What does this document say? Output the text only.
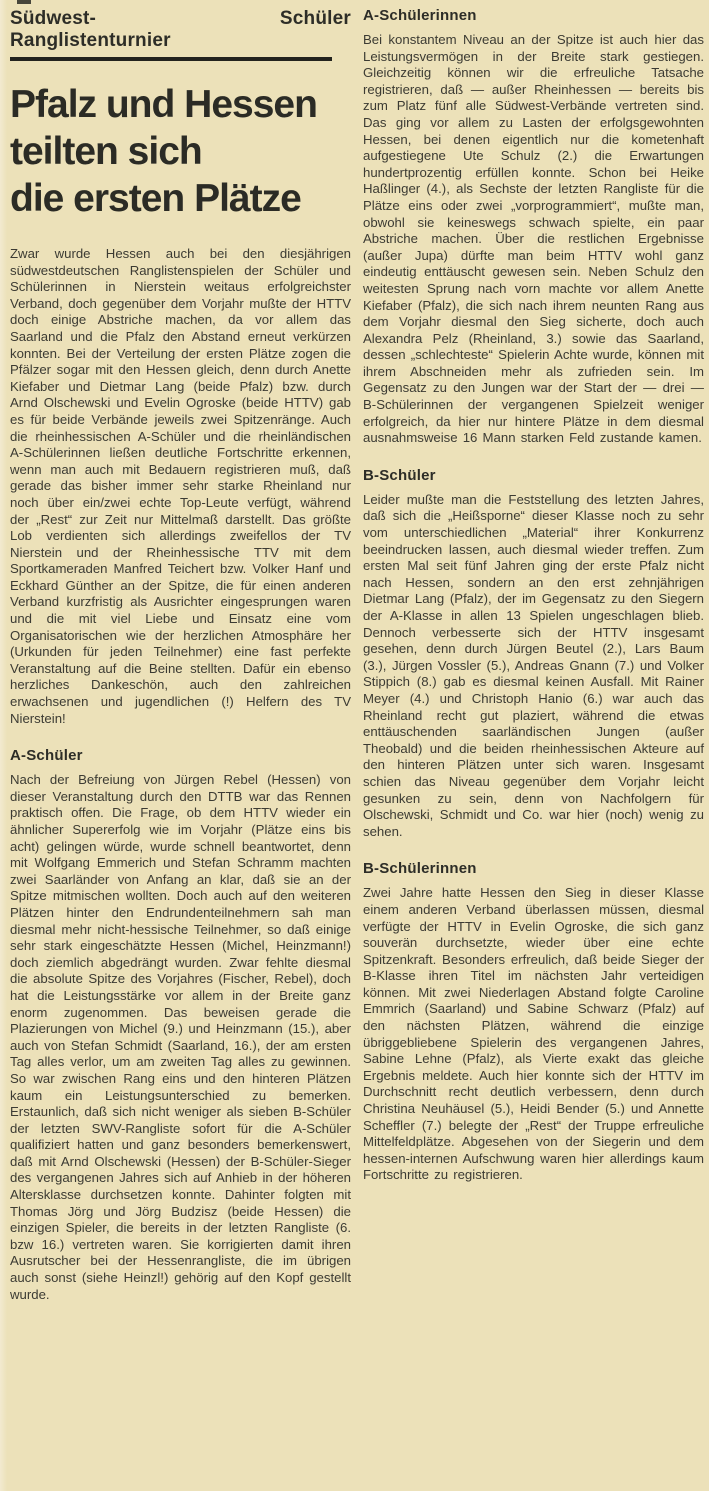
Südwest-Ranglistenturnier
Schüler
Pfalz und Hessen
teilten sich
die ersten Plätze

Zwar wurde Hessen auch bei den diesjährigen südwestdeutschen Ranglistenspielen der Schüler und Schülerinnen in Nierstein weitaus erfolgreichster Verband, doch gegenüber dem Vorjahr mußte der HTTV doch einige Abstriche machen, da vor allem das Saarland und die Pfalz den Abstand erneut verkürzen konnten. Bei der Verteilung der ersten Plätze zogen die Pfälzer sogar mit den Hessen gleich, denn durch Anette Kiefaber und Dietmar Lang (beide Pfalz) bzw. durch Arnd Olschewski und Evelin Ogroske (beide HTTV) gab es für beide Verbände jeweils zwei Spitzenränge. Auch die rheinhessischen A-Schüler und die rheinländischen A-Schülerinnen ließen deutliche Fortschritte erkennen, wenn man auch mit Bedauern registrieren muß, daß gerade das bisher immer sehr starke Rheinland nur noch über ein/zwei echte Top-Leute verfügt, während der „Rest“ zur Zeit nur Mittelmaß darstellt. Das größte Lob verdienten sich allerdings zweifellos der TV Nierstein und der Rheinhessische TTV mit dem Sportkameraden Manfred Teichert bzw. Volker Hanf und Eckhard Günther an der Spitze, die für einen anderen Verband kurzfristig als Ausrichter eingesprungen waren und die mit viel Liebe und Einsatz eine vom Organisatorischen wie der herzlichen Atmosphäre her (Urkunden für jeden Teilnehmer) eine fast perfekte Veranstaltung auf die Beine stellten. Dafür ein ebenso herzliches Dankeschön, auch den zahlreichen erwachsenen und jugendlichen (!) Helfern des TV Nierstein!

A-Schüler

Nach der Befreiung von Jürgen Rebel (Hessen) von dieser Veranstaltung durch den DTTB war das Rennen praktisch offen. Die Frage, ob dem HTTV wieder ein ähnlicher Supererfolg wie im Vorjahr (Plätze eins bis acht) gelingen würde, wurde schnell beantwortet, denn mit Wolfgang Emmerich und Stefan Schramm machten zwei Saarländer von Anfang an klar, daß sie an der Spitze mitmischen wollten. Doch auch auf den weiteren Plätzen hinter den Endrundenteilnehmern sah man diesmal mehr nicht-hessische Teilnehmer, so daß einige sehr stark eingeschätzte Hessen (Michel, Heinzmann!) doch ziemlich abgedrängt wurden. Zwar fehlte diesmal die absolute Spitze des Vorjahres (Fischer, Rebel), doch hat die Leistungsstärke vor allem in der Breite ganz enorm zugenommen. Das beweisen gerade die Plazierungen von Michel (9.) und Heinzmann (15.), aber auch von Stefan Schmidt (Saarland, 16.), der am ersten Tag alles verlor, um am zweiten Tag alles zu gewinnen. So war zwischen Rang eins und den hinteren Plätzen kaum ein Leistungsunterschied zu bemerken. Erstaunlich, daß sich nicht weniger als sieben B-Schüler der letzten SWV-Rangliste sofort für die A-Schüler qualifiziert hatten und ganz besonders bemerkenswert, daß mit Arnd Olschewski (Hessen) der B-Schüler-Sieger des vergangenen Jahres sich auf Anhieb in der höheren Altersklasse durchsetzen konnte. Dahinter folgten mit Thomas Jörg und Jörg Budzisz (beide Hessen) die einzigen Spieler, die bereits in der letzten Rangliste (6. bzw 16.) vertreten waren. Sie korrigierten damit ihren Ausrutscher bei der Hessenrangliste, die im übrigen auch sonst (siehe Heinzl!) gehörig auf den Kopf gestellt wurde.

A-Schülerinnen

Bei konstantem Niveau an der Spitze ist auch hier das Leistungsvermögen in der Breite stark gestiegen. Gleichzeitig können wir die erfreuliche Tatsache registrieren, daß — außer Rheinhessen — bereits bis zum Platz fünf alle Südwest-Verbände vertreten sind. Das ging vor allem zu Lasten der erfolgsgewohnten Hessen, bei denen eigentlich nur die kometenhaft aufgestiegene Ute Schulz (2.) die Erwartungen hundertprozentig erfüllen konnte. Schon bei Heike Haßlinger (4.), als Sechste der letzten Rangliste für die Plätze eins oder zwei „vorprogrammiert“, mußte man, obwohl sie keineswegs schwach spielte, ein paar Abstriche machen. Über die restlichen Ergebnisse (außer Jupa) dürfte man beim HTTV wohl ganz eindeutig enttäuscht gewesen sein. Neben Schulz den weitesten Sprung nach vorn machte vor allem Anette Kiefaber (Pfalz), die sich nach ihrem neunten Rang aus dem Vorjahr diesmal den Sieg sicherte, doch auch Alexandra Pelz (Rheinland, 3.) sowie das Saarland, dessen „schlechteste“ Spielerin Achte wurde, können mit ihrem Abschneiden mehr als zufrieden sein. Im Gegensatz zu den Jungen war der Start der — drei — B-Schülerinnen der vergangenen Spielzeit weniger erfolgreich, da hier nur hintere Plätze in dem diesmal ausnahmsweise 16 Mann starken Feld zustande kamen.

B-Schüler

Leider mußte man die Feststellung des letzten Jahres, daß sich die „Heißsporne“ dieser Klasse noch zu sehr vom unterschiedlichen „Material“ ihrer Konkurrenz beeindrucken lassen, auch diesmal wieder treffen. Zum ersten Mal seit fünf Jahren ging der erste Pfalz nicht nach Hessen, sondern an den erst zehnjährigen Dietmar Lang (Pfalz), der im Gegensatz zu den Siegern der A-Klasse in allen 13 Spielen ungeschlagen blieb. Dennoch verbesserte sich der HTTV insgesamt gesehen, denn durch Jürgen Beutel (2.), Lars Baum (3.), Jürgen Vossler (5.), Andreas Gnann (7.) und Volker Stippich (8.) gab es diesmal keinen Ausfall. Mit Rainer Meyer (4.) und Christoph Hanio (6.) war auch das Rheinland recht gut plaziert, während die etwas enttäuschenden saarländischen Jungen (außer Theobald) und die beiden rheinhessischen Akteure auf den hinteren Plätzen unter sich waren. Insgesamt schien das Niveau gegenüber dem Vorjahr leicht gesunken zu sein, denn von Nachfolgern für Olschewski, Schmidt und Co. war hier (noch) wenig zu sehen.

B-Schülerinnen

Zwei Jahre hatte Hessen den Sieg in dieser Klasse einem anderen Verband überlassen müssen, diesmal verfügte der HTTV in Evelin Ogroske, die sich ganz souverän durchsetzte, wieder über eine echte Spitzenkraft. Besonders erfreulich, daß beide Sieger der B-Klasse ihren Titel im nächsten Jahr verteidigen können. Mit zwei Niederlagen Abstand folgte Caroline Emmrich (Saarland) und Sabine Schwarz (Pfalz) auf den nächsten Plätzen, während die einzige übriggebliebene Spielerin des vergangenen Jahres, Sabine Lehne (Pfalz), als Vierte exakt das gleiche Ergebnis meldete. Auch hier konnte sich der HTTV im Durchschnitt recht deutlich verbessern, denn durch Christina Neuhäusel (5.), Heidi Bender (5.) und Annette Scheffler (7.) belegte der „Rest“ der Truppe erfreuliche Mittelfeldplätze. Abgesehen von der Siegerin und dem hessen-internen Aufschwung waren hier allerdings kaum Fortschritte zu registrieren.
